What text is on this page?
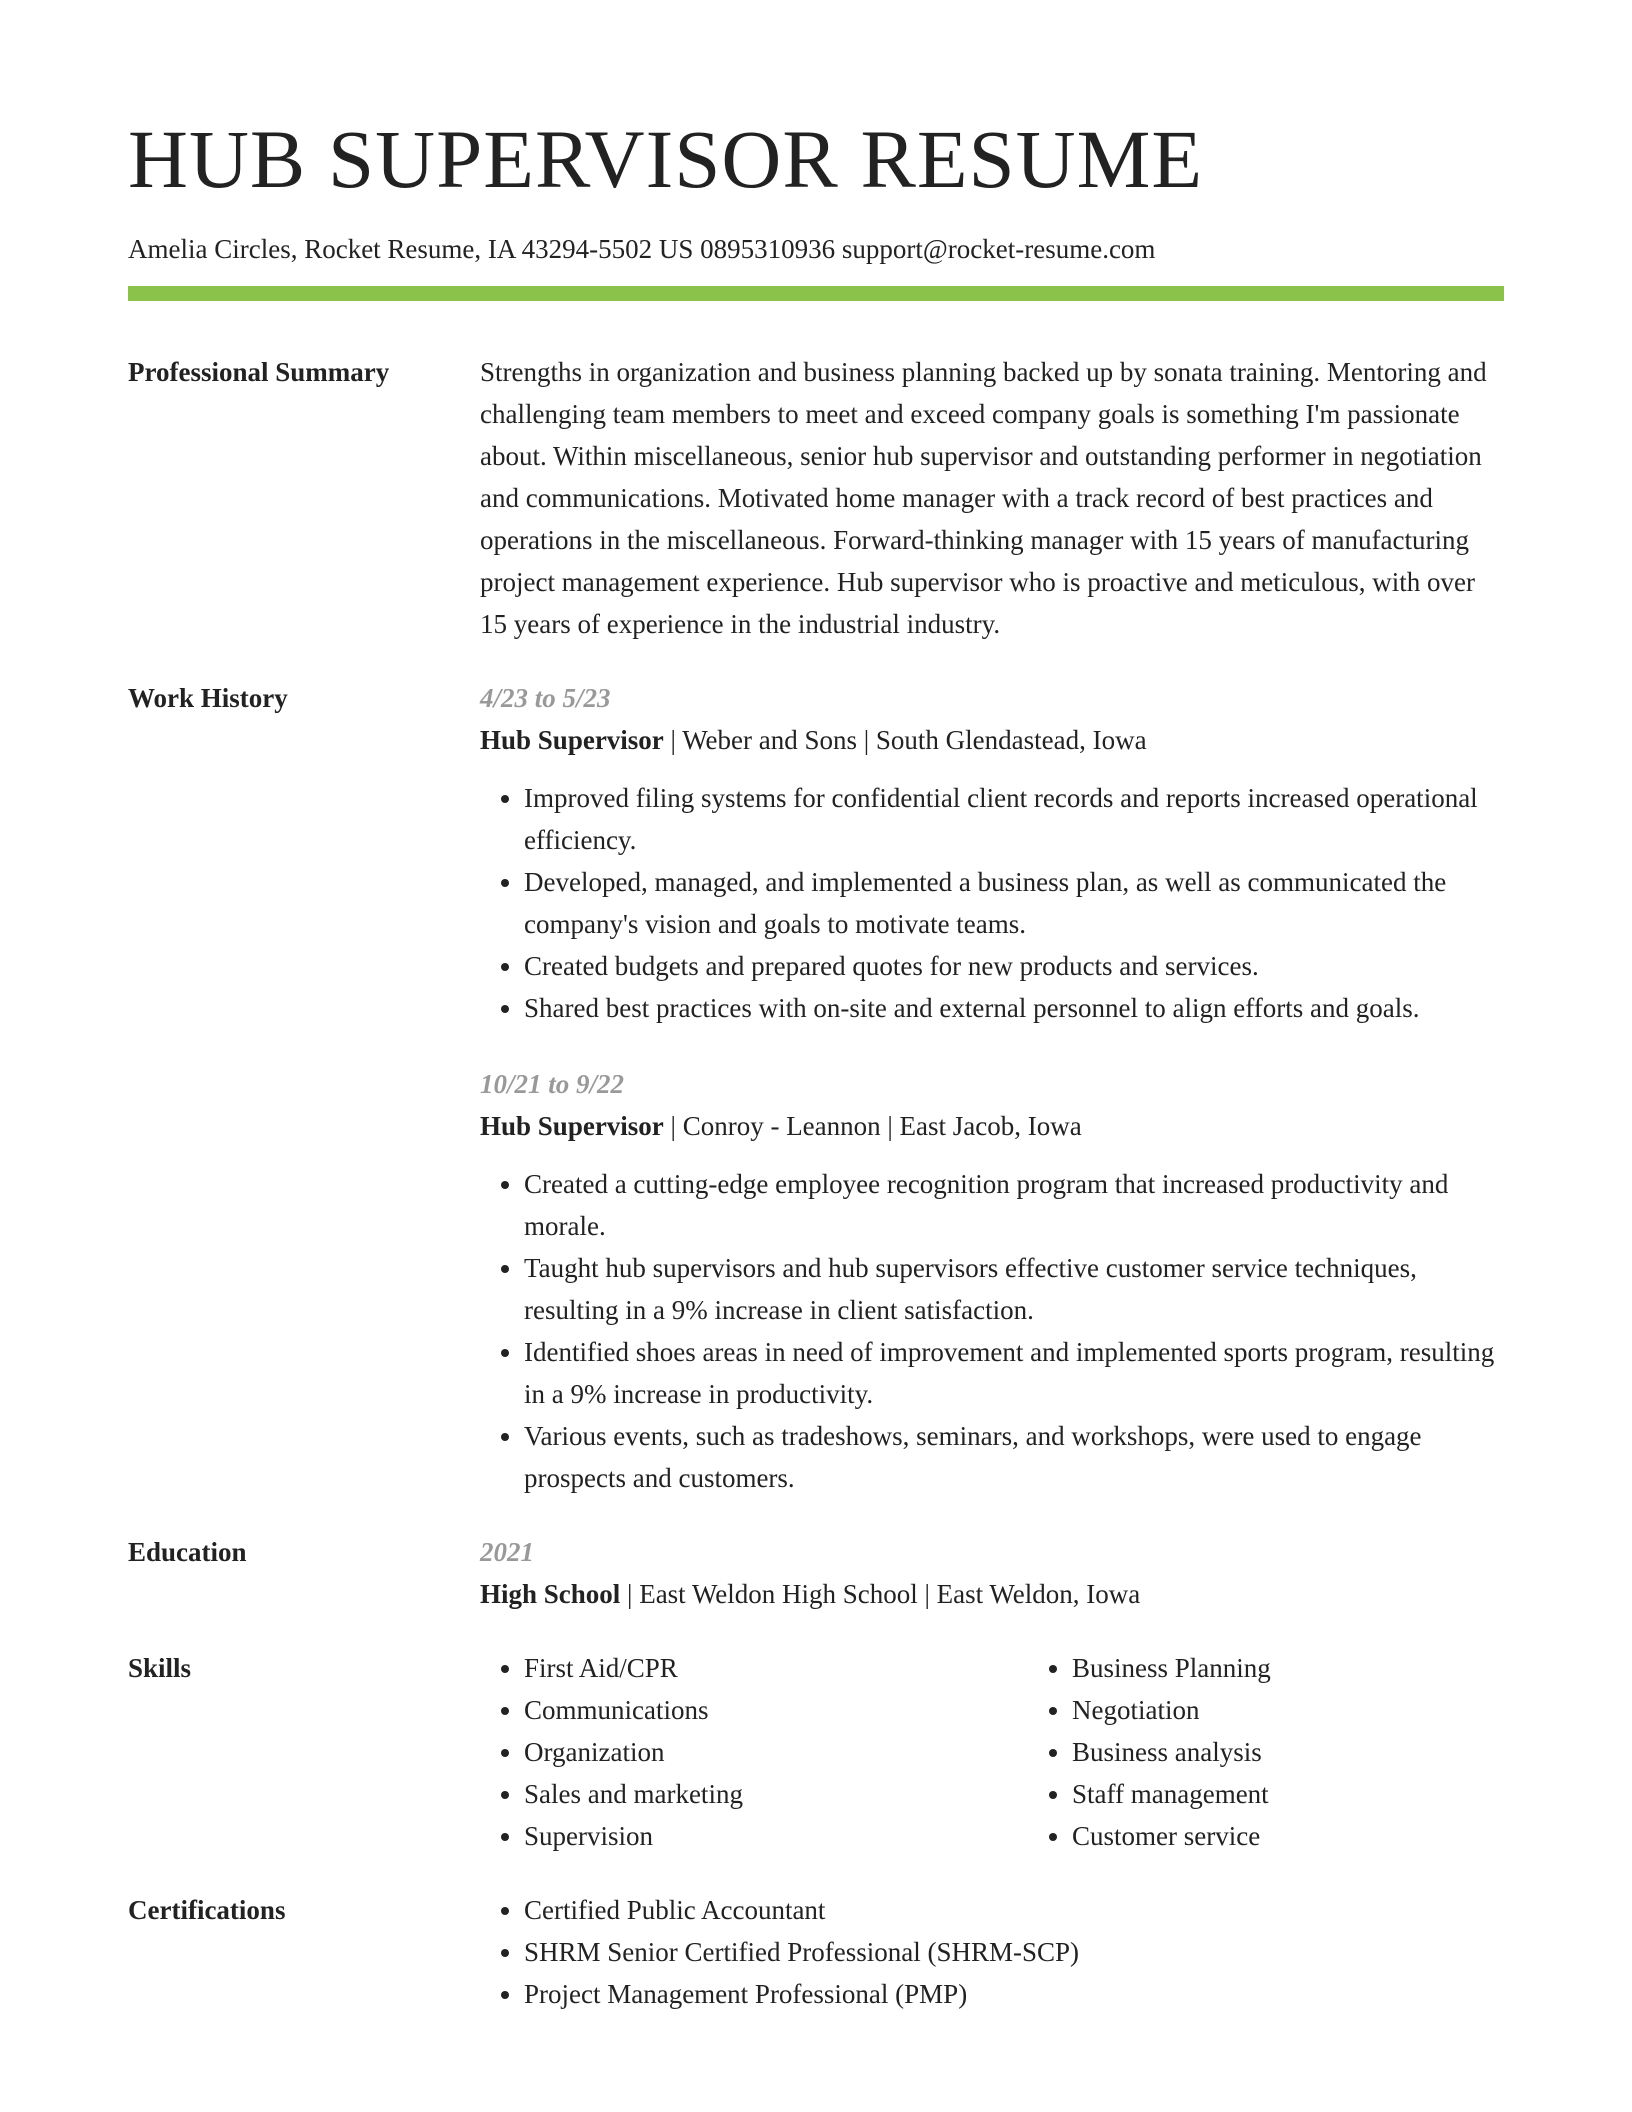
HUB SUPERVISOR RESUME
Amelia Circles, Rocket Resume, IA 43294-5502 US 0895310936 support@rocket-resume.com
Professional Summary	Strengths in organization and business planning backed up by sonata training. Mentoring and challenging team members to meet and exceed company goals is something I'm passionate about. Within miscellaneous, senior hub supervisor and outstanding performer in negotiation and communications. Motivated home manager with a track record of best practices and operations in the miscellaneous. Forward-thinking manager with 15 years of manufacturing project management experience. Hub supervisor who is proactive and meticulous, with over 15 years of experience in the industrial industry.

Work History	4/23 to 5/23
Hub Supervisor | Weber and Sons | South Glendastead, Iowa
• Improved filing systems for confidential client records and reports increased operational efficiency.
• Developed, managed, and implemented a business plan, as well as communicated the company's vision and goals to motivate teams.
• Created budgets and prepared quotes for new products and services.
• Shared best practices with on-site and external personnel to align efforts and goals.
10/21 to 9/22
Hub Supervisor | Conroy - Leannon | East Jacob, Iowa
• Created a cutting-edge employee recognition program that increased productivity and morale.
• Taught hub supervisors and hub supervisors effective customer service techniques, resulting in a 9% increase in client satisfaction.
• Identified shoes areas in need of improvement and implemented sports program, resulting in a 9% increase in productivity.
• Various events, such as tradeshows, seminars, and workshops, were used to engage prospects and customers.
Education	2021
High School | East Weldon High School | East Weldon, Iowa
Skills	• First Aid/CPR
• Communications
• Organization
• Sales and marketing
• Supervision
• Business Planning
• Negotiation
• Business analysis
• Staff management
• Customer service
Certifications	• Certified Public Accountant
• SHRM Senior Certified Professional (SHRM-SCP)
• Project Management Professional (PMP)
